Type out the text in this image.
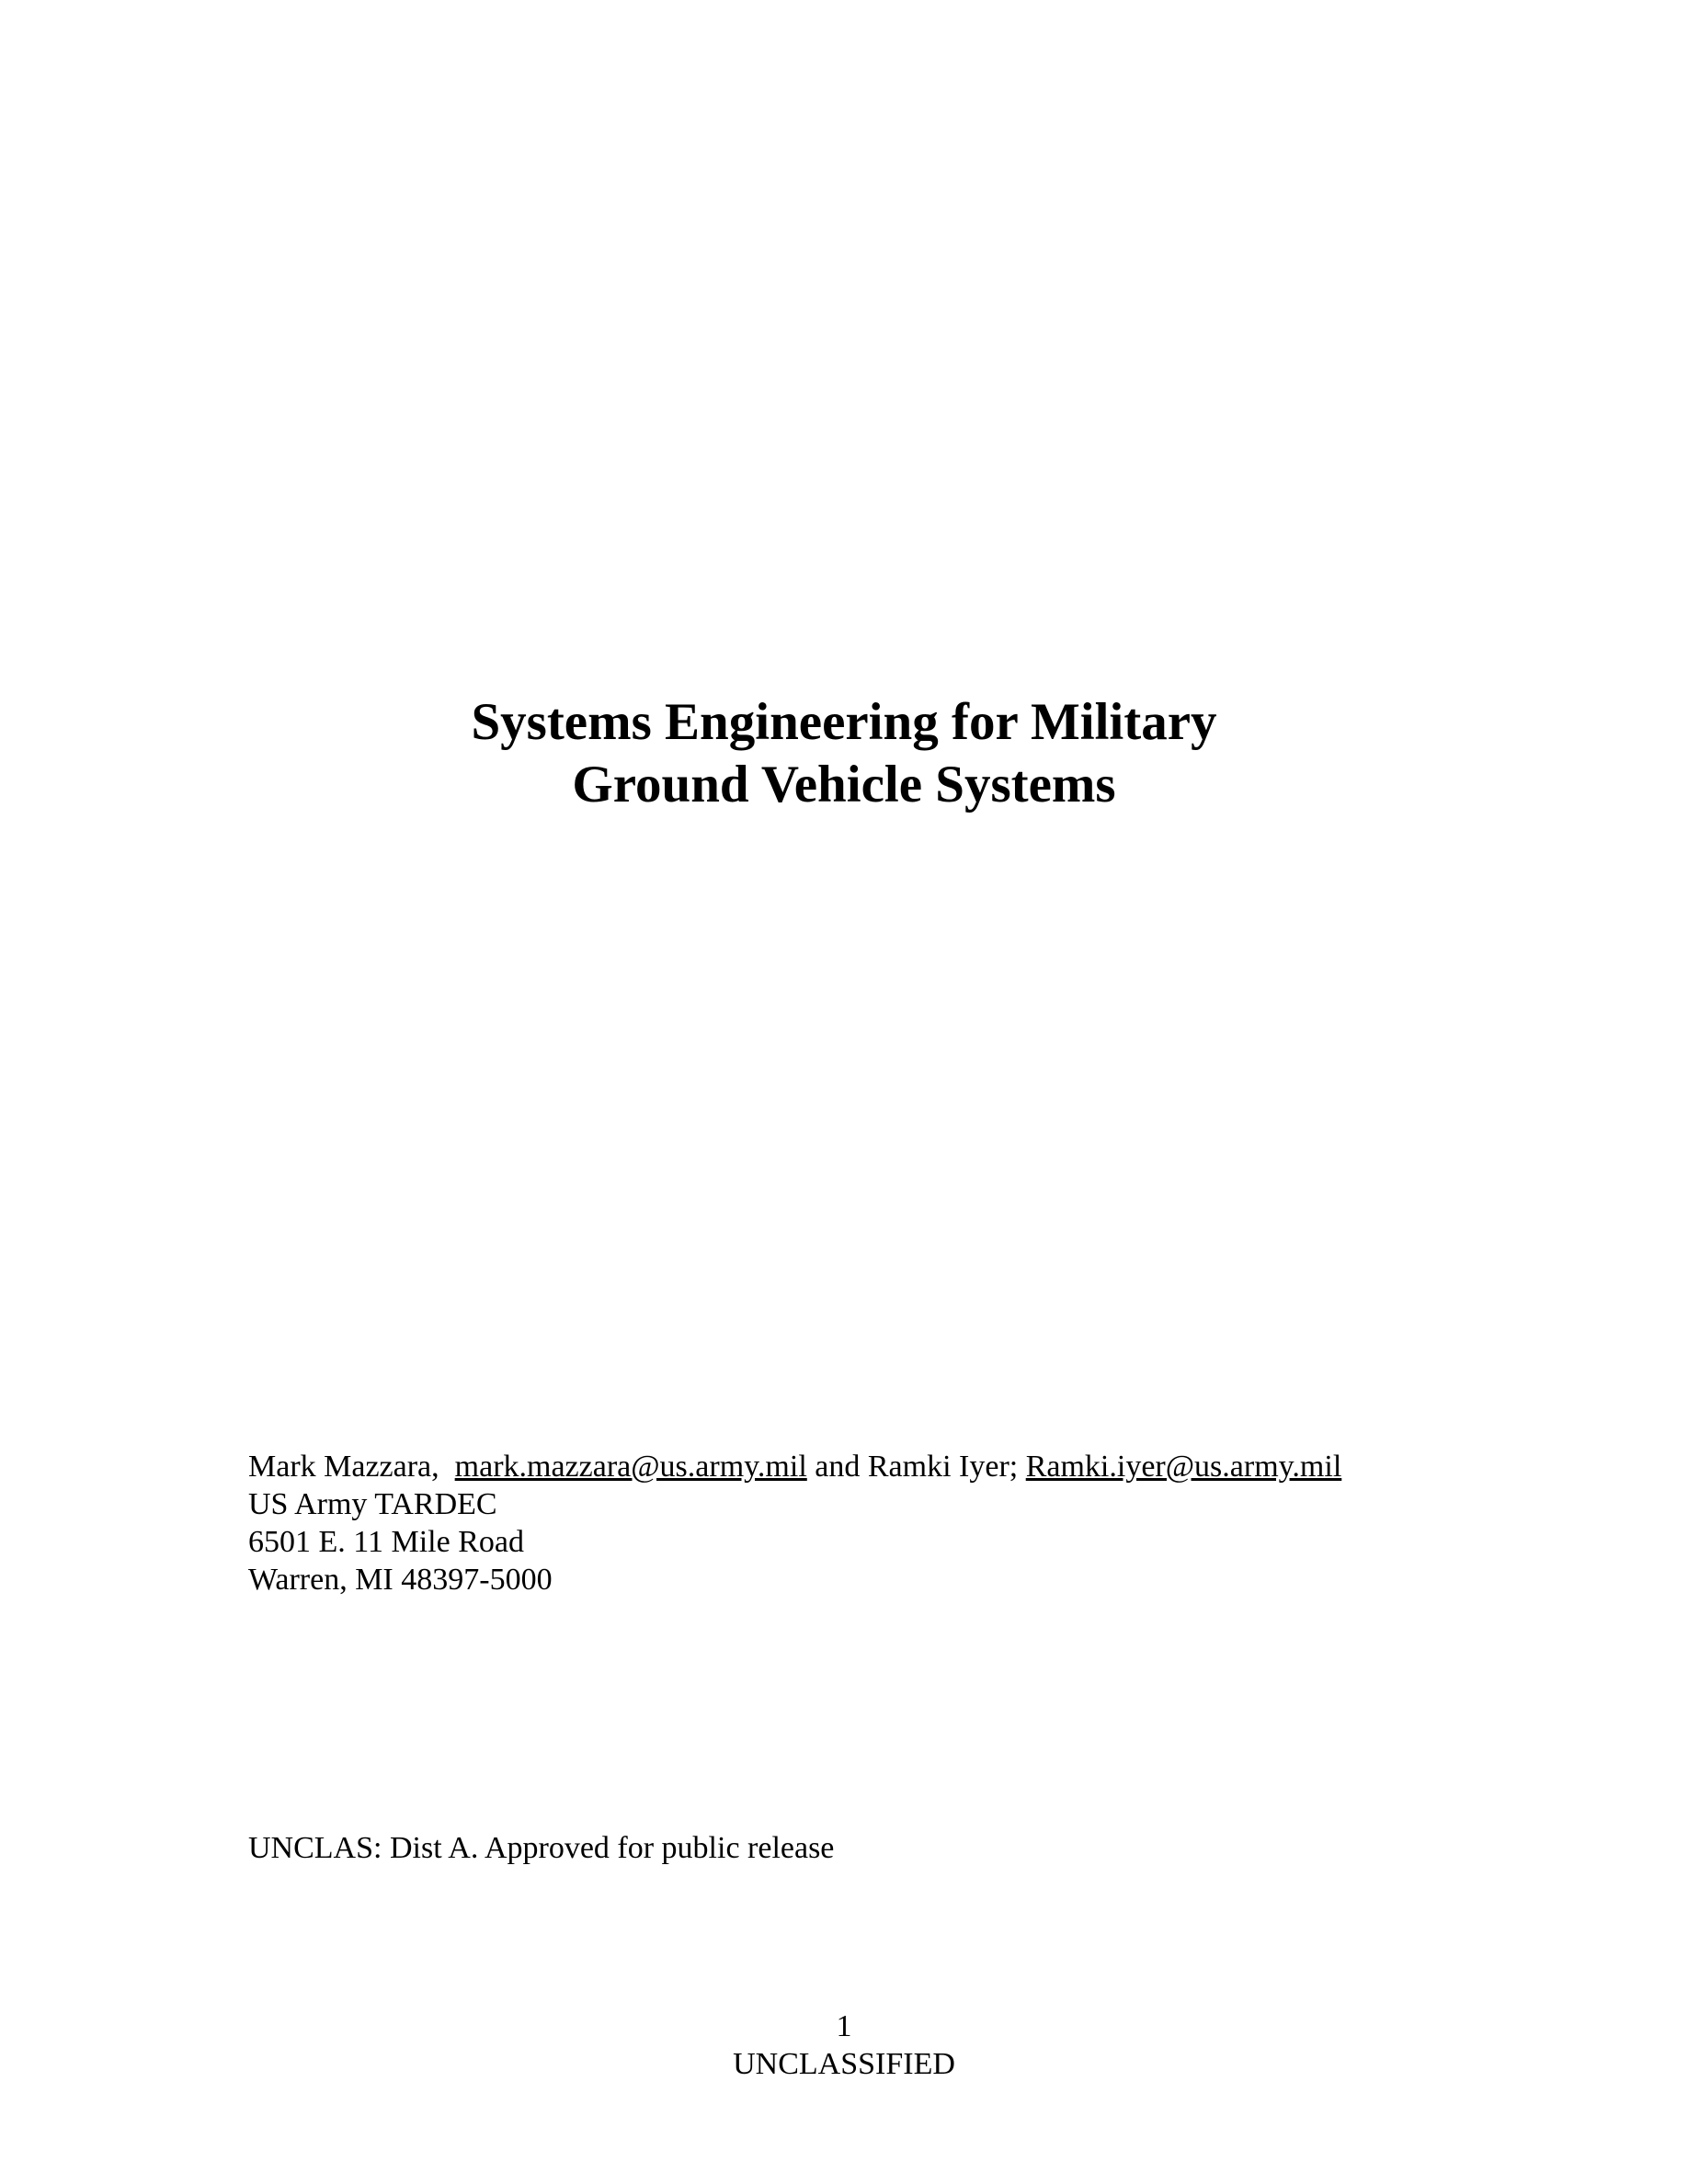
Systems Engineering for Military
Ground Vehicle Systems
Mark Mazzara, mark.mazzara@us.army.mil and Ramki Iyer; Ramki.iyer@us.army.mil
US Army TARDEC
6501 E. 11 Mile Road
Warren, MI 48397-5000
UNCLAS: Dist A. Approved for public release
1
UNCLASSIFIED
